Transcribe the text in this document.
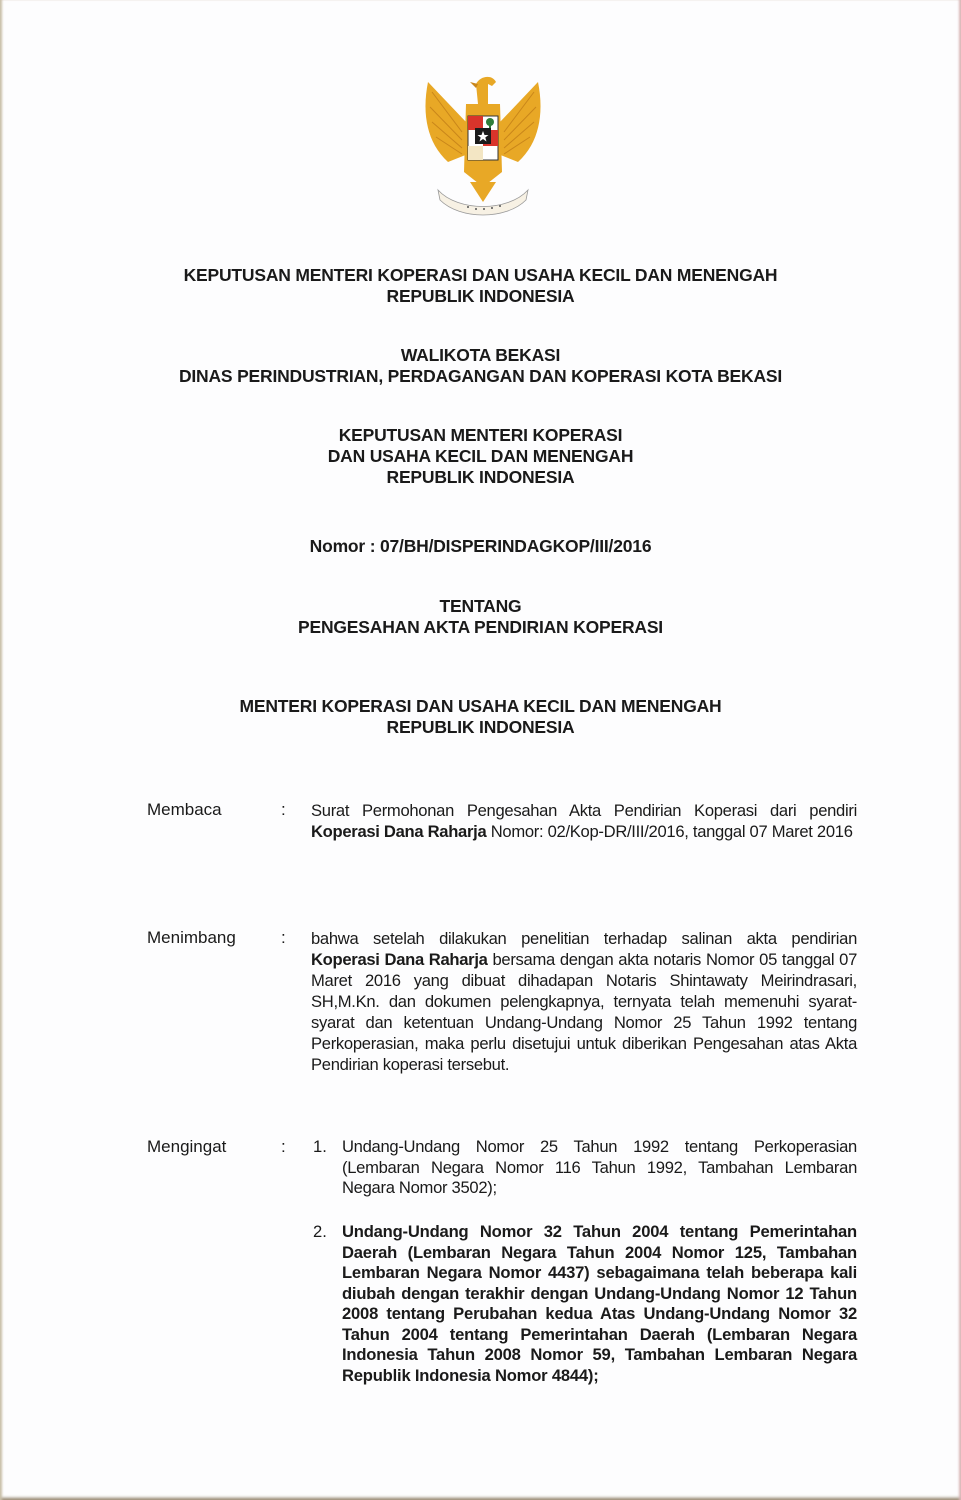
KEPUTUSAN MENTERI KOPERASI DAN USAHA KECIL DAN MENENGAH
REPUBLIK INDONESIA
WALIKOTA BEKASI
DINAS PERINDUSTRIAN, PERDAGANGAN DAN KOPERASI KOTA BEKASI
KEPUTUSAN MENTERI KOPERASI
DAN USAHA KECIL DAN MENENGAH
REPUBLIK INDONESIA
Nomor : 07/BH/DISPERINDAGKOP/III/2016
TENTANG
PENGESAHAN AKTA PENDIRIAN KOPERASI
MENTERI KOPERASI DAN USAHA KECIL DAN MENENGAH
REPUBLIK INDONESIA
Membaca	: Surat Permohonan Pengesahan Akta Pendirian Koperasi dari pendiri Koperasi Dana Raharja Nomor: 02/Kop-DR/III/2016, tanggal 07 Maret 2016
Menimbang	: bahwa setelah dilakukan penelitian terhadap salinan akta pendirian Koperasi Dana Raharja bersama dengan akta notaris Nomor 05 tanggal 07 Maret 2016 yang dibuat dihadapan Notaris Shintawaty Meirindrasari, SH,M.Kn. dan dokumen pelengkapnya, ternyata telah memenuhi syarat-syarat dan ketentuan Undang-Undang Nomor 25 Tahun 1992 tentang Perkoperasian, maka perlu disetujui untuk diberikan Pengesahan atas Akta Pendirian koperasi tersebut.
Mengingat	: 1. Undang-Undang Nomor 25 Tahun 1992 tentang Perkoperasian (Lembaran Negara Nomor 116 Tahun 1992, Tambahan Lembaran Negara Nomor 3502);
2. Undang-Undang Nomor 32 Tahun 2004 tentang Pemerintahan Daerah (Lembaran Negara Tahun 2004 Nomor 125, Tambahan Lembaran Negara Nomor 4437) sebagaimana telah beberapa kali diubah dengan terakhir dengan Undang-Undang Nomor 12 Tahun 2008 tentang Perubahan kedua Atas Undang-Undang Nomor 32 Tahun 2004 tentang Pemerintahan Daerah (Lembaran Negara Indonesia Tahun 2008 Nomor 59, Tambahan Lembaran Negara Republik Indonesia Nomor 4844);
